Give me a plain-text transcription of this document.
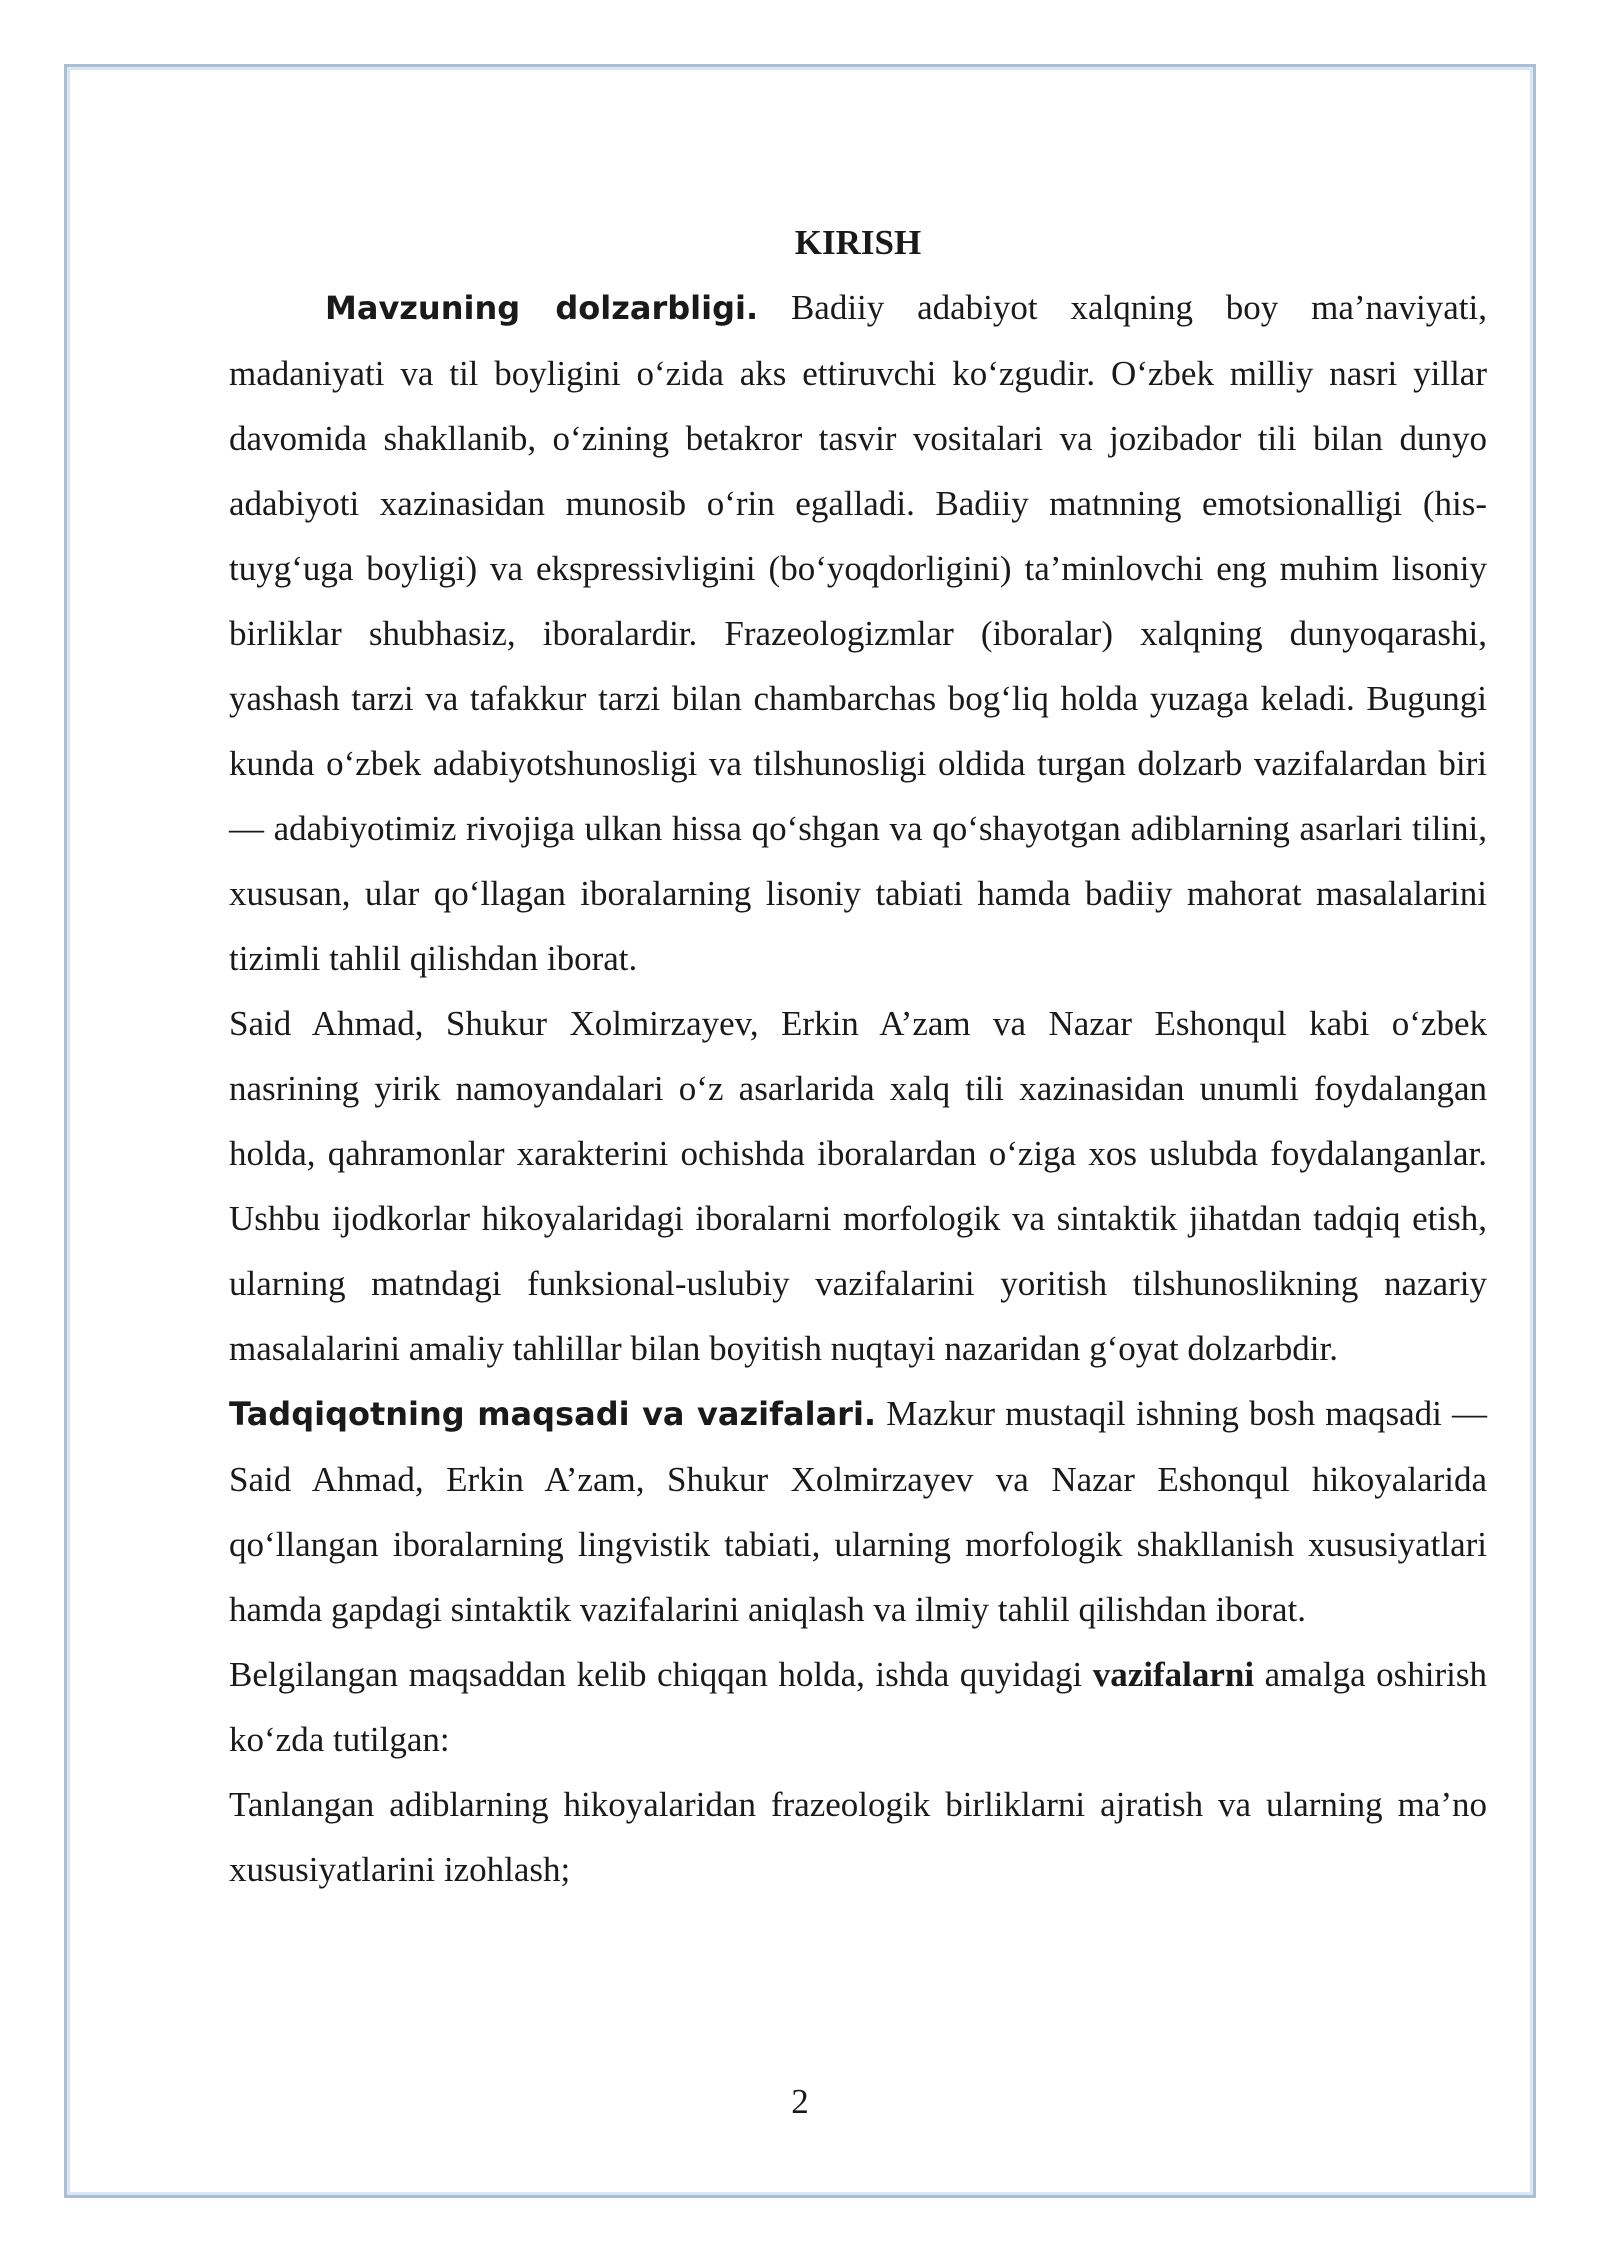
KIRISH

Mavzuning dolzarbligi. Badiiy adabiyot xalqning boy ma’naviyati, madaniyati va til boyligini o‘zida aks ettiruvchi ko‘zgudir. O‘zbek milliy nasri yillar davomida shakllanib, o‘zining betakror tasvir vositalari va jozibador tili bilan dunyo adabiyoti xazinasidan munosib o‘rin egalladi. Badiiy matnning emotsionalligi (his-tuyg‘uga boyligi) va ekspressivligini (bo‘yoqdorligini) ta’minlovchi eng muhim lisoniy birliklar shubhasiz, iboralardir. Frazeologizmlar (iboralar) xalqning dunyoqarashi, yashash tarzi va tafakkur tarzi bilan chambarchas bog‘liq holda yuzaga keladi. Bugungi kunda o‘zbek adabiyotshunosligi va tilshunosligi oldida turgan dolzarb vazifalardan biri — adabiyotimiz rivojiga ulkan hissa qo‘shgan va qo‘shayotgan adiblarning asarlari tilini, xususan, ular qo‘llagan iboralarning lisoniy tabiati hamda badiiy mahorat masalalarini tizimli tahlil qilishdan iborat.

Said Ahmad, Shukur Xolmirzayev, Erkin A’zam va Nazar Eshonqul kabi o‘zbek nasrining yirik namoyandalari o‘z asarlarida xalq tili xazinasidan unumli foydalangan holda, qahramonlar xarakterini ochishda iboralardan o‘ziga xos uslubda foydalanganlar. Ushbu ijodkorlar hikoyalaridagi iboralarni morfologik va sintaktik jihatdan tadqiq etish, ularning matndagi funksional-uslubiy vazifalarini yoritish tilshunoslikning nazariy masalalarini amaliy tahlillar bilan boyitish nuqtayi nazaridan g‘oyat dolzarbdir.

Tadqiqotning maqsadi va vazifalari. Mazkur mustaqil ishning bosh maqsadi — Said Ahmad, Erkin A’zam, Shukur Xolmirzayev va Nazar Eshonqul hikoyalarida qo‘llangan iboralarning lingvistik tabiati, ularning morfologik shakllanish xususiyatlari hamda gapdagi sintaktik vazifalarini aniqlash va ilmiy tahlil qilishdan iborat.

Belgilangan maqsaddan kelib chiqqan holda, ishda quyidagi vazifalarni amalga oshirish ko‘zda tutilgan:

Tanlangan adiblarning hikoyalaridan frazeologik birliklarni ajratish va ularning ma’no xususiyatlarini izohlash;

2
